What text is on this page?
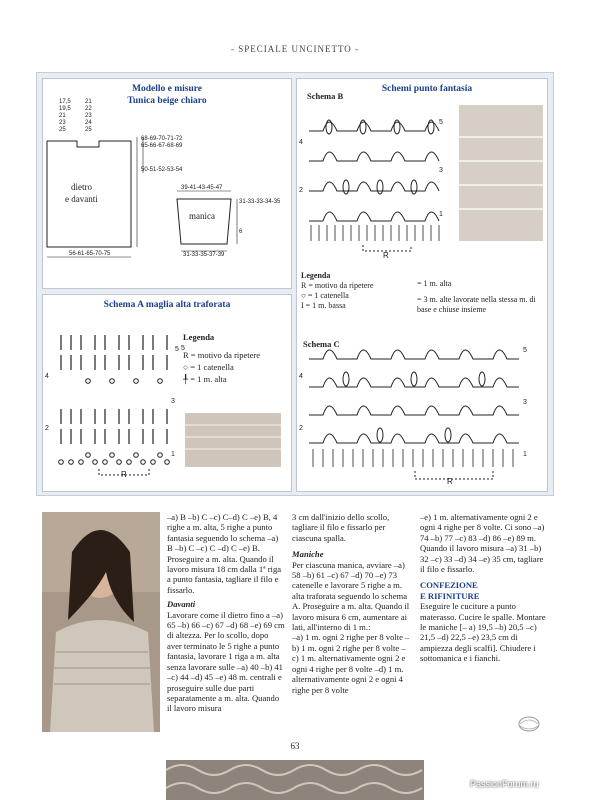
- SPECIALE UNCINETTO -
Modello e misure
Tunica beige chiaro
17,5
19,5
21
23
25
21
22
23
24
25
68-69-70-71-72
65-66-67-68-69
50-51-52-53-54
dietro
e davanti
56-61-65-70-75
39-41-43-45-47
manica
31-33-33-34-35
6
31-33-35-37-39
Schema A maglia alta traforata
5 5
4
3
2
1
R
Legenda
R = motivo da ripetere
○ = 1 catenella
╀ = 1 m. alta
Schemi punto fantasia
Schema B
5
4
3
2
1
R
Legenda
R = motivo da ripetere
○ = 1 catenella
I = 1 m. bassa
= 1 m. alta
= 3 m. alte lavorate nella stessa m. di base e chiuse insieme
Schema C
5
4
3
2
1
R

–a) B –b) C –c) C–d) C –e) B, 4 righe a m. alta, 5 righe a punto fantasia seguendo lo schema –a) B –b) C –c) C –d) C –e) B. Proseguire a m. alta. Quando il lavoro misura 18 cm dalla 1ª riga a punto fantasia, tagliare il filo e fissarlo.

Davanti

Lavorare come il dietro fino a –a) 65 –b) 66 –c) 67 –d) 68 –e) 69 cm di altezza. Per lo scollo, dopo aver terminato le 5 righe a punto fantasia, lavorare 1 riga a m. alta senza lavorare sulle –a) 40 –b) 41 –c) 44 –d) 45 –e) 48 m. centrali e proseguire sulle due parti separatamente a m. alta. Quando il lavoro misura

3 cm dall'inizio dello scollo, tagliare il filo e fissarlo per ciascuna spalla.

Maniche

Per ciascuna manica, avviare –a) 58 –b) 61 –c) 67 –d) 70 –e) 73 catenelle e lavorare 5 righe a m. alta traforata seguendo lo schema A. Proseguire a m. alta. Quando il lavoro misura 6 cm, aumentare ai lati, all'interno di 1 m.:

–a) 1 m. ogni 2 righe per 8 volte –b) 1 m. ogni 2 righe per 8 volte –c) 1 m. alternativamente ogni 2 e ogni 4 righe per 8 volte –d) 1 m. alternativamente ogni 2 e ogni 4 righe per 8 volte

–e) 1 m. alternativamente ogni 2 e ogni 4 righe per 8 volte. Ci sono –a) 74 –b) 77 –c) 83 –d) 86 –e) 89 m. Quando il lavoro misura –a) 31 –b) 32 –c) 33 –d) 34 –e) 35 cm, tagliare il filo e fissarlo.

CONFEZIONE

E RIFINITURE

Eseguire le cuciture a punto materasso. Cucire le spalle. Montare le maniche [– a) 19,5 –b) 20,5 –c) 21,5 –d) 22,5 –e) 23,5 cm di ampiezza degli scalfi]. Chiudere i sottomanica e i fianchi.

63
PassionForum.ru
